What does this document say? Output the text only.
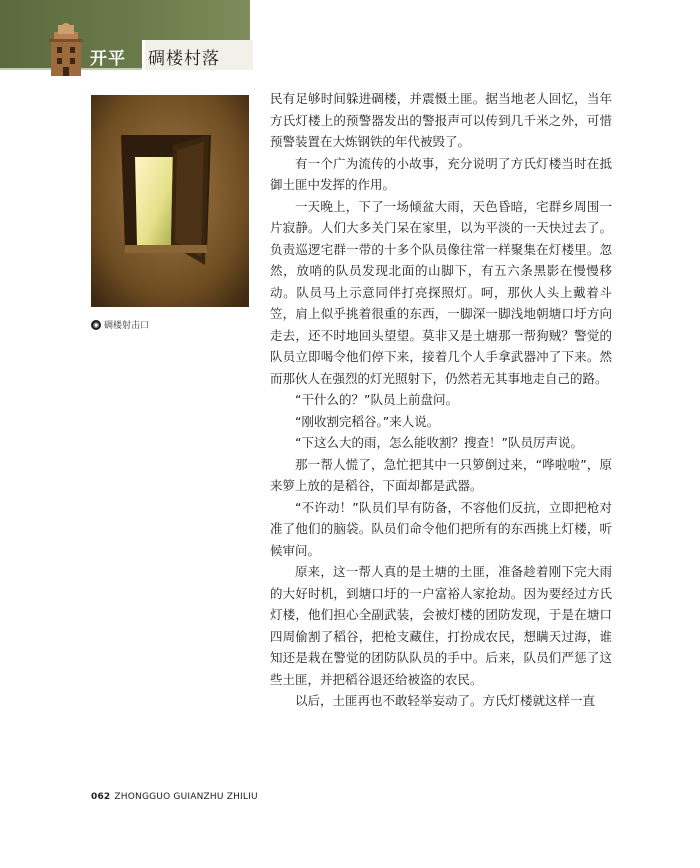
开平 碉楼村落
◉ 碉楼射击口

民有足够时间躲进碉楼，并震慑土匪。据当地老人回忆，当年方氏灯楼上的预警器发出的警报声可以传到几千米之外，可惜预警装置在大炼钢铁的年代被毁了。

有一个广为流传的小故事，充分说明了方氏灯楼当时在抵御土匪中发挥的作用。

一天晚上，下了一场倾盆大雨，天色昏暗，宅群乡周围一片寂静。人们大多关门呆在家里，以为平淡的一天快过去了。负责巡逻宅群一带的十多个队员像往常一样聚集在灯楼里。忽然，放哨的队员发现北面的山脚下，有五六条黑影在慢慢移动。队员马上示意同伴打亮探照灯。呵，那伙人头上戴着斗笠，肩上似乎挑着很重的东西，一脚深一脚浅地朝塘口圩方向走去，还不时地回头望望。莫非又是土塘那一帮狗贼？警觉的队员立即喝令他们停下来，接着几个人手拿武器冲了下来。然而那伙人在强烈的灯光照射下，仍然若无其事地走自己的路。

“干什么的？”队员上前盘问。

“刚收割完稻谷。”来人说。

“下这么大的雨，怎么能收割？搜查！”队员厉声说。

那一帮人慌了，急忙把其中一只箩倒过来，“哗啦啦”，原来箩上放的是稻谷，下面却都是武器。

“不许动！”队员们早有防备，不容他们反抗，立即把枪对准了他们的脑袋。队员们命令他们把所有的东西挑上灯楼，听候审问。

原来，这一帮人真的是土塘的土匪，准备趁着刚下完大雨的大好时机，到塘口圩的一户富裕人家抢劫。因为要经过方氏灯楼，他们担心全副武装，会被灯楼的团防发现，于是在塘口四周偷割了稻谷，把枪支藏住，打扮成农民，想瞒天过海，谁知还是栽在警觉的团防队队员的手中。后来，队员们严惩了这些土匪，并把稻谷退还给被盗的农民。

以后，土匪再也不敢轻举妄动了。方氏灯楼就这样一直

062 ZHONGGUO GUIANZHU ZHILIU
